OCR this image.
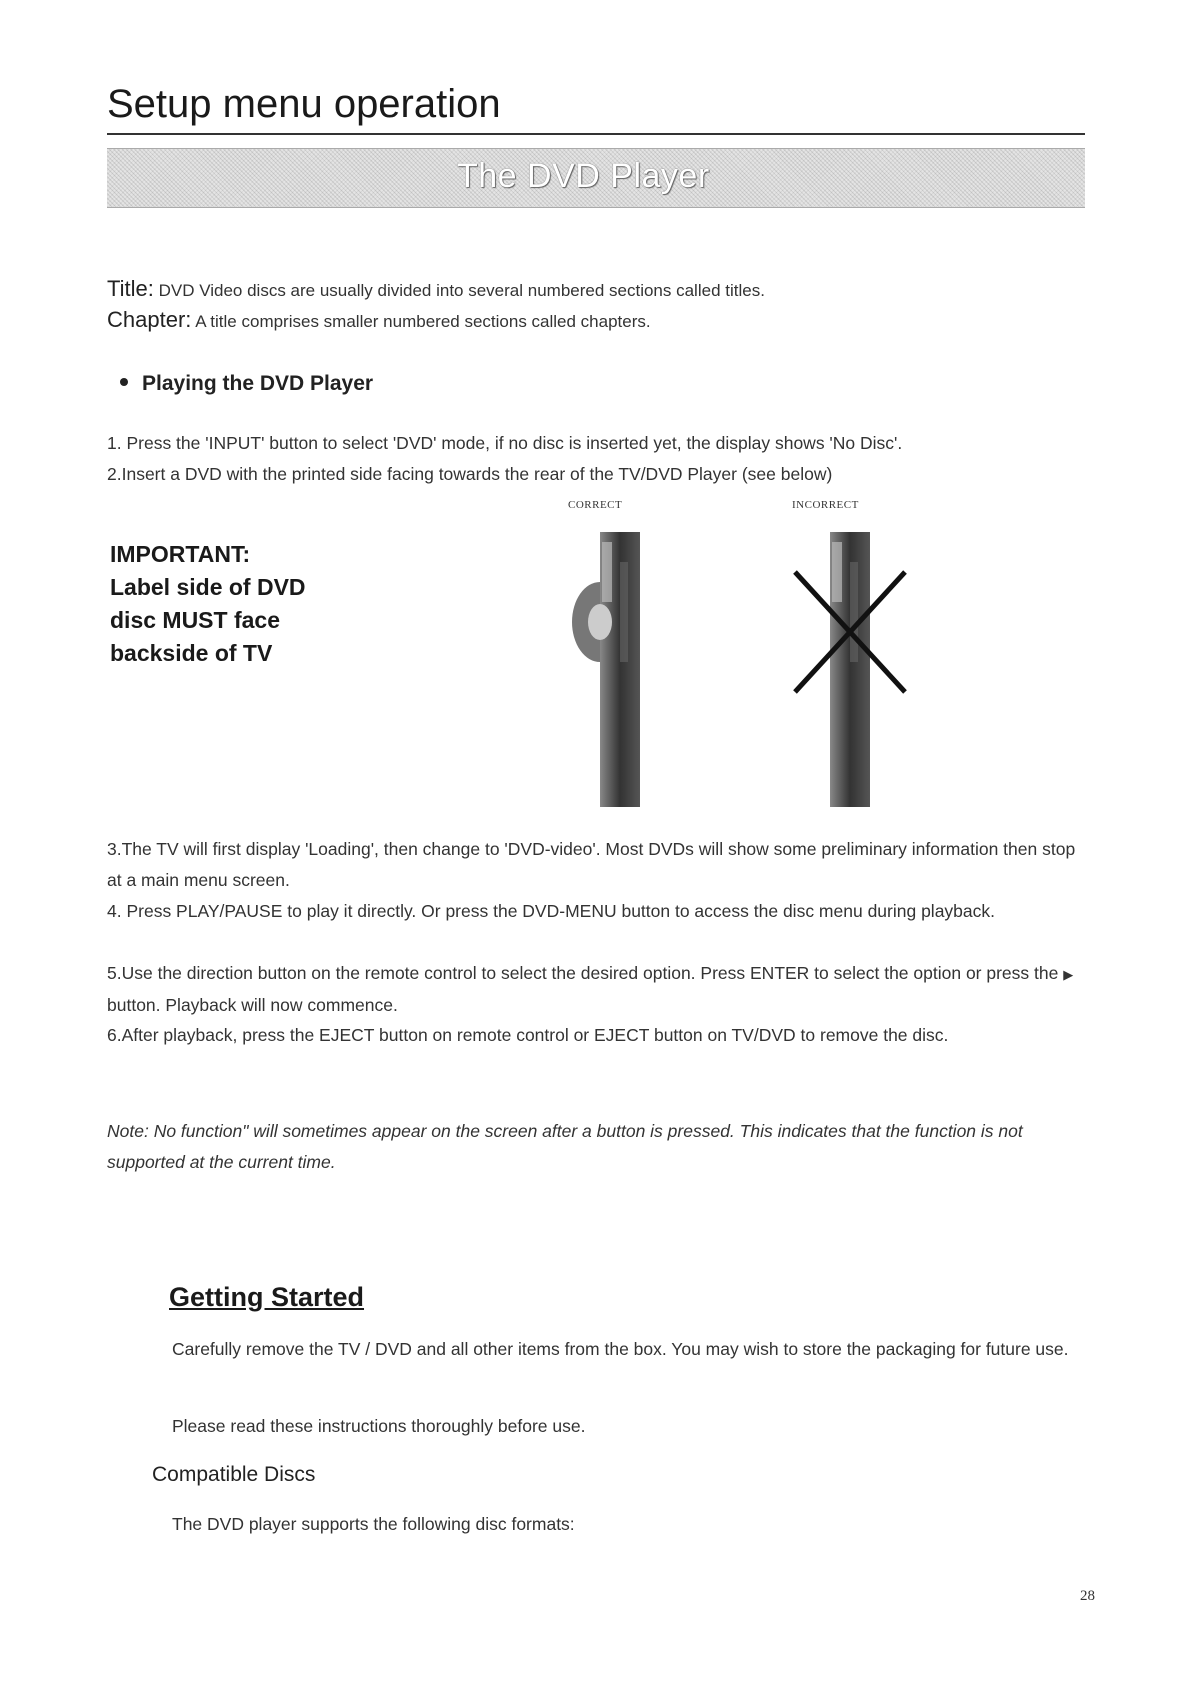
Setup menu operation
The DVD Player

Title: DVD Video discs are usually divided into several numbered sections called titles.

Chapter: A title comprises smaller numbered sections called chapters.

Playing the DVD Player

1. Press the 'INPUT' button to select 'DVD' mode, if no disc is inserted yet, the display shows 'No Disc'.

2.Insert a DVD with the printed side facing towards the rear of the TV/DVD Player (see below)

CORRECT	INCORRECT
IMPORTANT:
Label side of DVD
disc MUST face
backside of TV

3.The TV will first display 'Loading', then change to 'DVD-video'. Most DVDs will show some preliminary information then stop at a main menu screen.

4. Press PLAY/PAUSE to play it directly. Or press the DVD-MENU button to access the disc menu during playback.

5.Use the direction button on the remote control to select the desired option. Press ENTER to select the option or press the ▶ button. Playback will now commence.

6.After playback, press the EJECT button on remote control or EJECT button on TV/DVD to remove the disc.

Note: No function" will sometimes appear on the screen after a button is pressed. This indicates that the function is not supported at the current time.

Getting Started

Carefully remove the TV / DVD and all other items from the box. You may wish to store the packaging for future use.

Please read these instructions thoroughly before use.

Compatible Discs

The DVD player supports the following disc formats:

28
